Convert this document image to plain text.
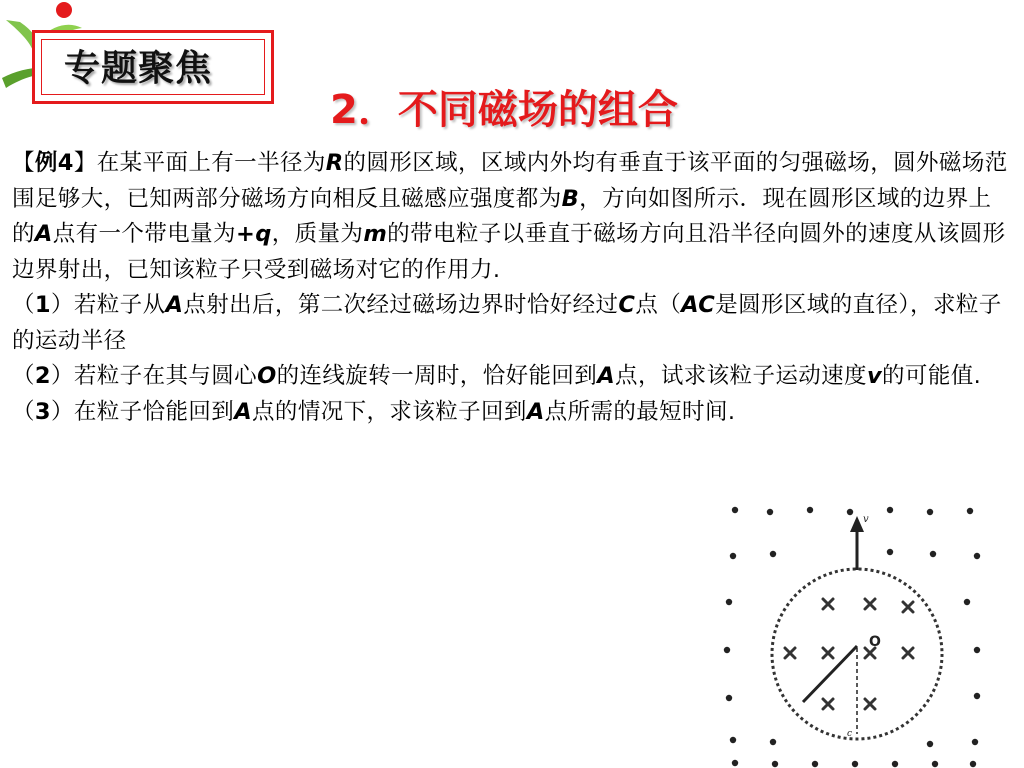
专题聚焦
2．不同磁场的组合

【例4】在某平面上有一半径为R的圆形区域，区域内外均有垂直于该平面的匀强磁场，圆外磁场范围足够大，已知两部分磁场方向相反且磁感应强度都为B，方向如图所示．现在圆形区域的边界上的A点有一个带电量为+q，质量为m的带电粒子以垂直于磁场方向且沿半径向圆外的速度从该圆形边界射出，已知该粒子只受到磁场对它的作用力.

（1）若粒子从A点射出后，第二次经过磁场边界时恰好经过C点（AC是圆形区域的直径），求粒子的运动半径

（2）若粒子在其与圆心O的连线旋转一周时，恰好能回到A点，试求该粒子运动速度v的可能值.

（3）在粒子恰能回到A点的情况下，求该粒子回到A点所需的最短时间.

v
O
c
